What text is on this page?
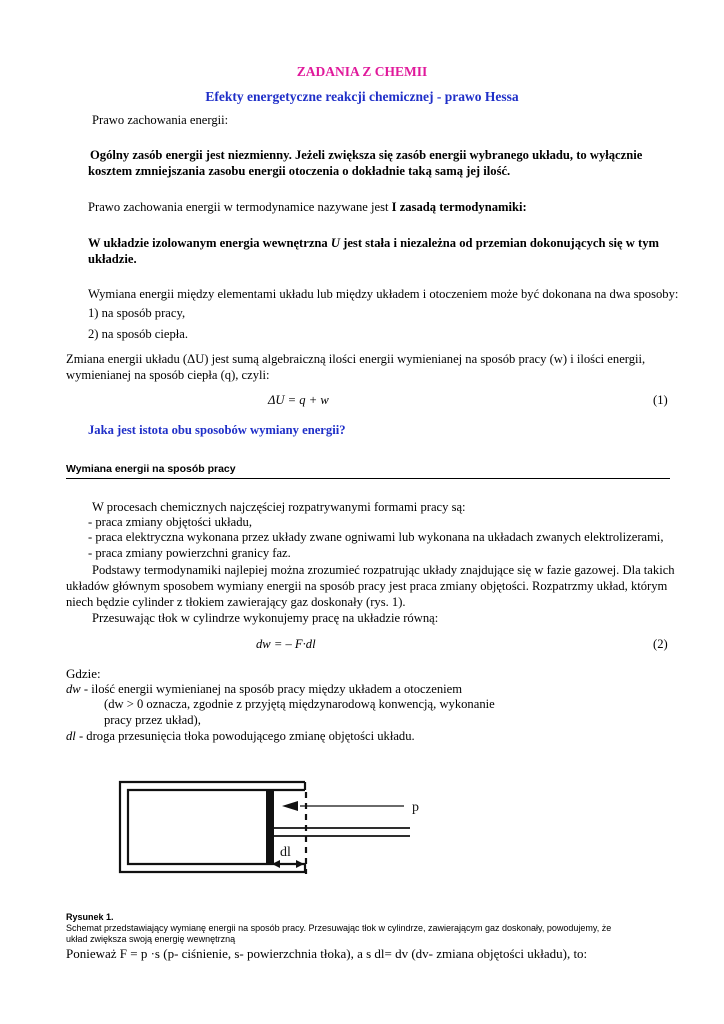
ZADANIA Z CHEMII
Efekty energetyczne reakcji chemicznej - prawo Hessa
Prawo zachowania energii:
Ogólny zasób energii jest niezmienny. Jeżeli zwiększa się zasób energii wybranego układu, to wyłącznie
kosztem zmniejszania zasobu energii otoczenia o dokładnie taką samą jej ilość.
Prawo zachowania energii w termodynamice nazywane jest I zasadą termodynamiki:
W układzie izolowanym energia wewnętrzna U jest stała i niezależna od przemian dokonujących się w tym
układzie.
Wymiana energii między elementami układu lub między układem i otoczeniem może być dokonana na dwa sposoby:
1) na sposób pracy,
2) na sposób ciepła.
Zmiana energii układu (ΔU) jest sumą algebraiczną ilości energii wymienianej na sposób pracy (w) i ilości energii,
wymienianej na sposób ciepła (q), czyli:
ΔU = q + w	(1)
Jaka jest istota obu sposobów wymiany energii?
Wymiana energii na sposób pracy
W procesach chemicznych najczęściej rozpatrywanymi formami pracy są:
- praca zmiany objętości układu,
- praca elektryczna wykonana przez układy zwane ogniwami lub wykonana na układach zwanych elektrolizerami,
- praca zmiany powierzchni granicy faz.
Podstawy termodynamiki najlepiej można zrozumieć rozpatrując układy znajdujące się w fazie gazowej. Dla takich
układów głównym sposobem wymiany energii na sposób pracy jest praca zmiany objętości. Rozpatrzmy układ, którym
niech będzie cylinder z tłokiem zawierający gaz doskonały (rys. 1).
Przesuwając tłok w cylindrze wykonujemy pracę na układzie równą:
dw = – F·dl	(2)
Gdzie:
dw - ilość energii wymienianej na sposób pracy między układem a otoczeniem
(dw > 0 oznacza, zgodnie z przyjętą międzynarodową konwencją, wykonanie
pracy przez układ),
dl - droga przesunięcia tłoka powodującego zmianę objętości układu.
p
dl
Rysunek 1.
Schemat przedstawiający wymianę energii na sposób pracy. Przesuwając tłok w cylindrze, zawierającym gaz doskonały, powodujemy, że
układ zwiększa swoją energię wewnętrzną
Ponieważ F = p ·s (p- ciśnienie, s- powierzchnia tłoka), a s dl= dv (dv- zmiana objętości układu), to:
